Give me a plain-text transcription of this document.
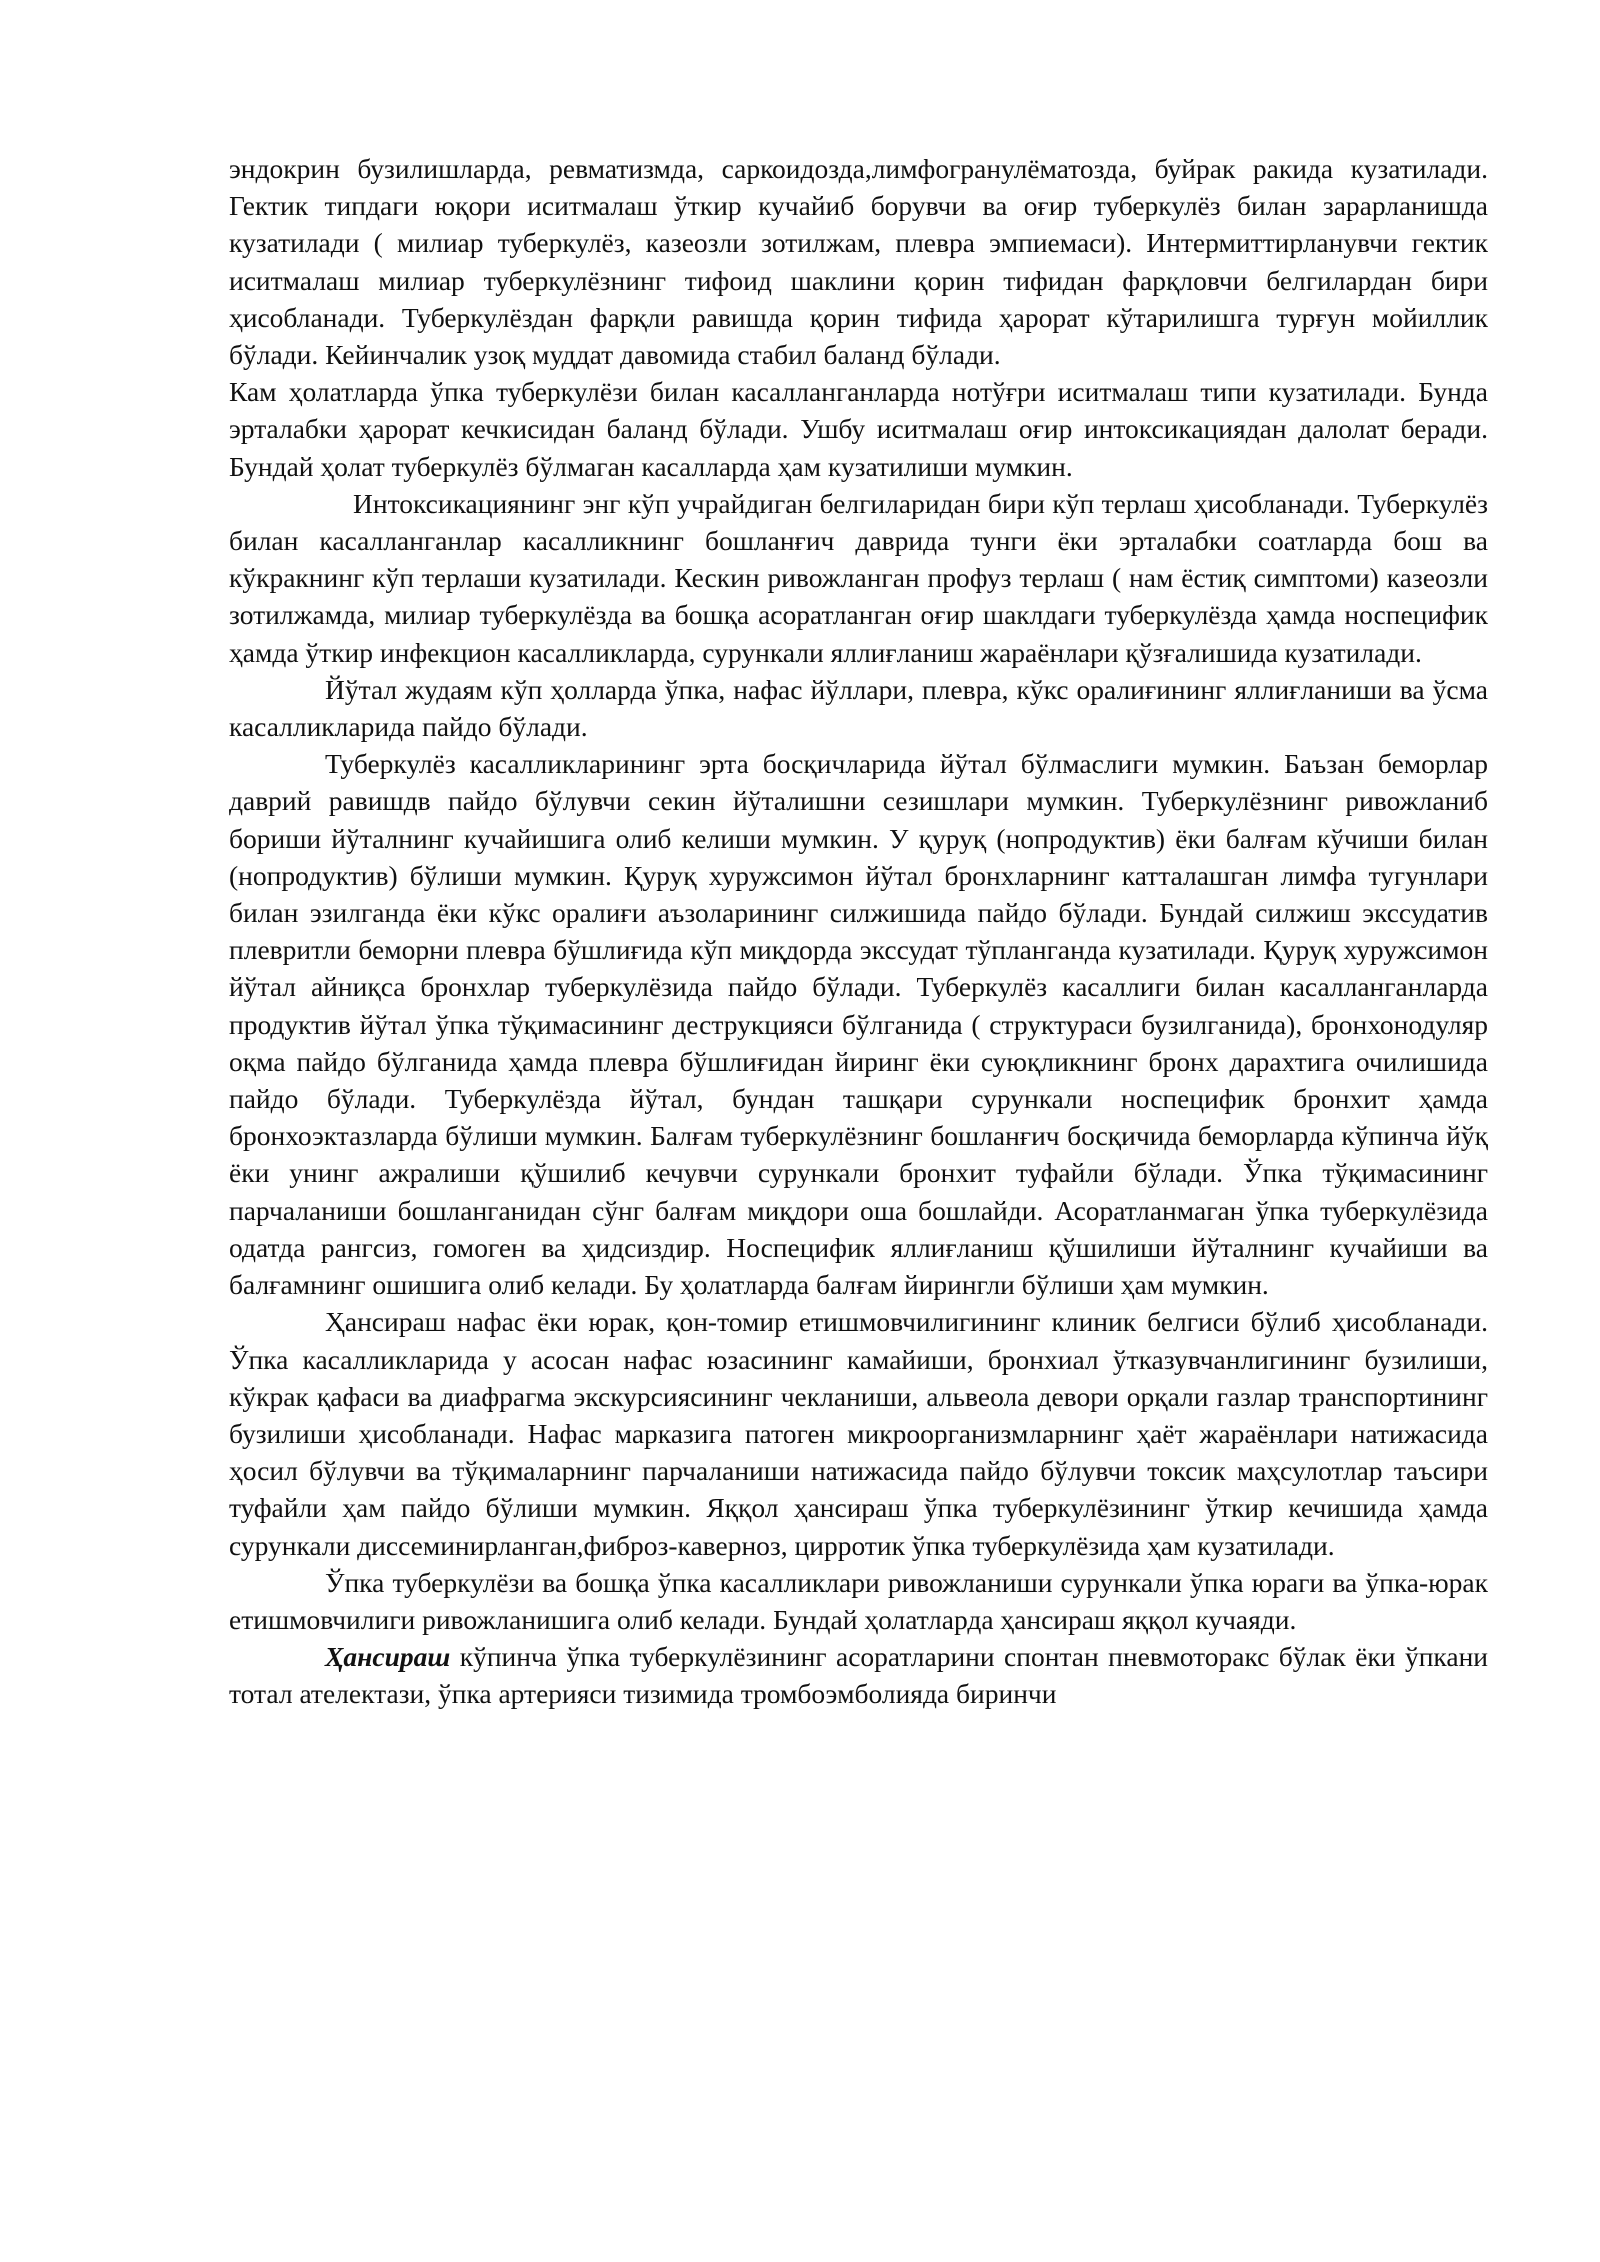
эндокрин бузилишларда, ревматизмда, саркоидозда,лимфогранулёматозда, буйрак ракида кузатилади. Гектик типдаги юқори иситмалаш ўткир кучайиб борувчи ва оғир туберкулёз билан зарарланишда кузатилади ( милиар туберкулёз, казеозли зотилжам, плевра эмпиемаси). Интермиттирланувчи гектик иситмалаш милиар туберкулёзнинг тифоид шаклини қорин тифидан фарқловчи белгилардан бири ҳисобланади. Туберкулёздан фарқли равишда қорин тифида ҳарорат кўтарилишга турғун мойиллик бўлади. Кейинчалик узоқ муддат давомида стабил баланд бўлади.

Кам ҳолатларда ўпка туберкулёзи билан касалланганларда нотўғри иситмалаш типи кузатилади. Бунда эрталабки ҳарорат кечкисидан баланд бўлади. Ушбу иситмалаш оғир интоксикациядан далолат беради. Бундай ҳолат туберкулёз бўлмаган касалларда ҳам кузатилиши мумкин.

Интоксикациянинг энг кўп учрайдиган белгиларидан бири кўп терлаш ҳисобланади. Туберкулёз билан касалланганлар касалликнинг бошланғич даврида тунги ёки эрталабки соатларда бош ва кўкракнинг кўп терлаши кузатилади. Кескин ривожланган профуз терлаш ( нам ёстиқ симптоми) казеозли зотилжамда, милиар туберкулёзда ва бошқа асоратланган оғир шаклдаги туберкулёзда ҳамда носпецифик ҳамда ўткир инфекцион касалликларда, сурункали яллиғланиш жараёнлари қўзғалишида кузатилади.

Йўтал жудаям кўп ҳолларда ўпка, нафас йўллари, плевра, кўкс оралиғининг яллиғланиши ва ўсма касалликларида пайдо бўлади.

Туберкулёз касалликларининг эрта босқичларида йўтал бўлмаслиги мумкин. Баъзан беморлар даврий равишдв пайдо бўлувчи секин йўталишни сезишлари мумкин. Туберкулёзнинг ривожланиб бориши йўталнинг кучайишига олиб келиши мумкин. У қуруқ (нопродуктив) ёки балғам кўчиши билан (нопродуктив) бўлиши мумкин. Қуруқ хуружсимон йўтал бронхларнинг катталашган лимфа тугунлари билан эзилганда ёки кўкс оралиғи аъзоларининг силжишида пайдо бўлади. Бундай силжиш экссудатив плевритли беморни плевра бўшлиғида кўп миқдорда экссудат тўпланганда кузатилади. Қуруқ хуружсимон йўтал айниқса бронхлар туберкулёзида пайдо бўлади. Туберкулёз касаллиги билан касалланганларда продуктив йўтал ўпка тўқимасининг деструкцияси бўлганида ( структураси бузилганида), бронхонодуляр оқма пайдо бўлганида ҳамда плевра бўшлиғидан йиринг ёки суюқликнинг бронх дарахтига очилишида пайдо бўлади. Туберкулёзда йўтал, бундан ташқари сурункали носпецифик бронхит ҳамда бронхоэктазларда бўлиши мумкин. Балғам туберкулёзнинг бошланғич босқичида беморларда кўпинча йўқ ёки унинг ажралиши қўшилиб кечувчи сурункали бронхит туфайли бўлади. Ўпка тўқимасининг парчаланиши бошланганидан сўнг балғам миқдори оша бошлайди. Асоратланмаган ўпка туберкулёзида одатда рангсиз, гомоген ва ҳидсиздир. Носпецифик яллиғланиш қўшилиши йўталнинг кучайиши ва балғамнинг ошишига олиб келади. Бу ҳолатларда балғам йирингли бўлиши ҳам мумкин.

Ҳансираш нафас ёки юрак, қон-томир етишмовчилигининг клиник белгиси бўлиб ҳисобланади. Ўпка касалликларида у асосан нафас юзасининг камайиши, бронхиал ўтказувчанлигининг бузилиши, кўкрак қафаси ва диафрагма экскурсиясининг чекланиши, альвеола девори орқали газлар транспортининг бузилиши ҳисобланади. Нафас марказига патоген микроорганизмларнинг ҳаёт жараёнлари натижасида ҳосил бўлувчи ва тўқималарнинг парчаланиши натижасида пайдо бўлувчи токсик маҳсулотлар таъсири туфайли ҳам пайдо бўлиши мумкин. Яққол ҳансираш ўпка туберкулёзининг ўткир кечишида ҳамда сурункали диссеминирланган,фиброз-каверноз, цирротик ўпка туберкулёзида ҳам кузатилади.

Ўпка туберкулёзи ва бошқа ўпка касалликлари ривожланиши сурункали ўпка юраги ва ўпка-юрак етишмовчилиги ривожланишига олиб келади. Бундай ҳолатларда ҳансираш яққол кучаяди.

Ҳансираш кўпинча ўпка туберкулёзининг асоратларини спонтан пневмоторакс бўлак ёки ўпкани тотал ателектази, ўпка артерияси тизимида тромбоэмболияда биринчи
